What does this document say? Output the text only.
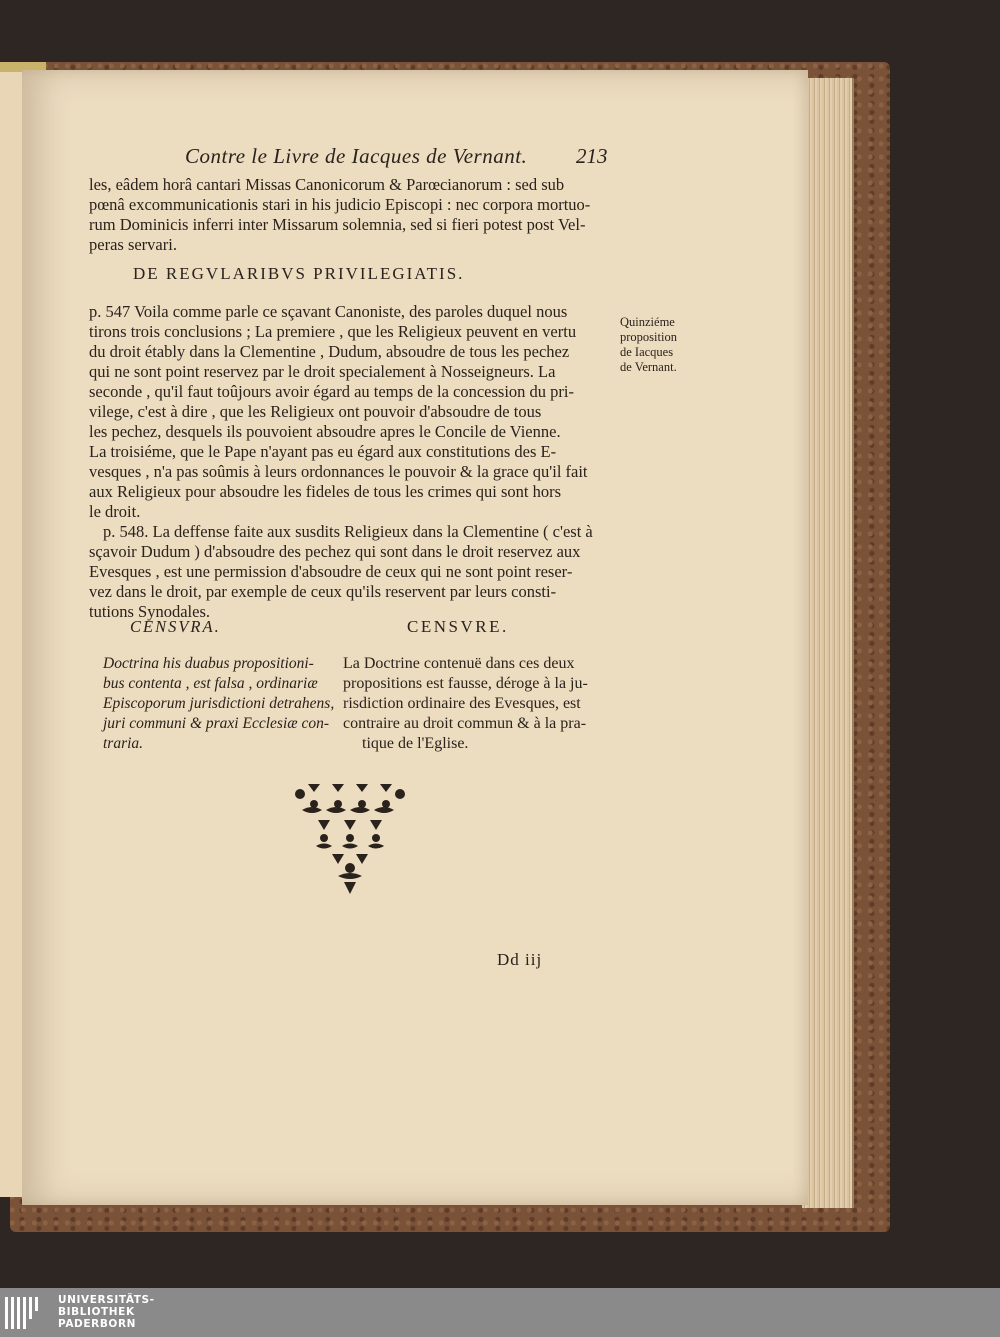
Contre le Livre de Iacques de Vernant. 213
les, eâdem horâ cantari Missas Canonicorum & Parœcianorum : sed sub
pœnâ excommunicationis stari in his judicio Episcopi : nec corpora mortuo-
rum Dominicis inferri inter Missarum solemnia, sed si fieri potest post Vel-
peras servari.
DE REGVLARIBVS PRIVILEGIATIS.
p. 547 Voila comme parle ce sçavant Canoniste, des paroles duquel nous
tirons trois conclusions ; La premiere , que les Religieux peuvent en vertu
du droit étably dans la Clementine , Dudum, absoudre de tous les pechez
qui ne sont point reservez par le droit specialement à Nosseigneurs. La
seconde , qu'il faut toûjours avoir égard au temps de la concession du pri-
vilege, c'est à dire , que les Religieux ont pouvoir d'absoudre de tous
les pechez, desquels ils pouvoient absoudre apres le Concile de Vienne.
La troisiéme, que le Pape n'ayant pas eu égard aux constitutions des E-
vesques , n'a pas soûmis à leurs ordonnances le pouvoir & la grace qu'il fait
aux Religieux pour absoudre les fideles de tous les crimes qui sont hors
le droit.
p. 548. La deffense faite aux susdits Religieux dans la Clementine ( c'est à
sçavoir Dudum ) d'absoudre des pechez qui sont dans le droit reservez aux
Evesques , est une permission d'absoudre de ceux qui ne sont point reser-
vez dans le droit, par exemple de ceux qu'ils reservent par leurs consti-
tutions Synodales.
Quinziéme
proposition
de Iacques
de Vernant.
CENSVRA.	CENSVRE.
Doctrina his duabus propositioni-
bus contenta , est falsa , ordinariæ
Episcoporum jurisdictioni detrahens,
juri communi & praxi Ecclesiæ con-
traria.
La Doctrine contenuë dans ces deux
propositions est fausse, déroge à la ju-
risdiction ordinaire des Evesques, est
contraire au droit commun & à la pra-
tique de l'Eglise.
Dd iij
UNIVERSITÄTS-
BIBLIOTHEK
PADERBORN
